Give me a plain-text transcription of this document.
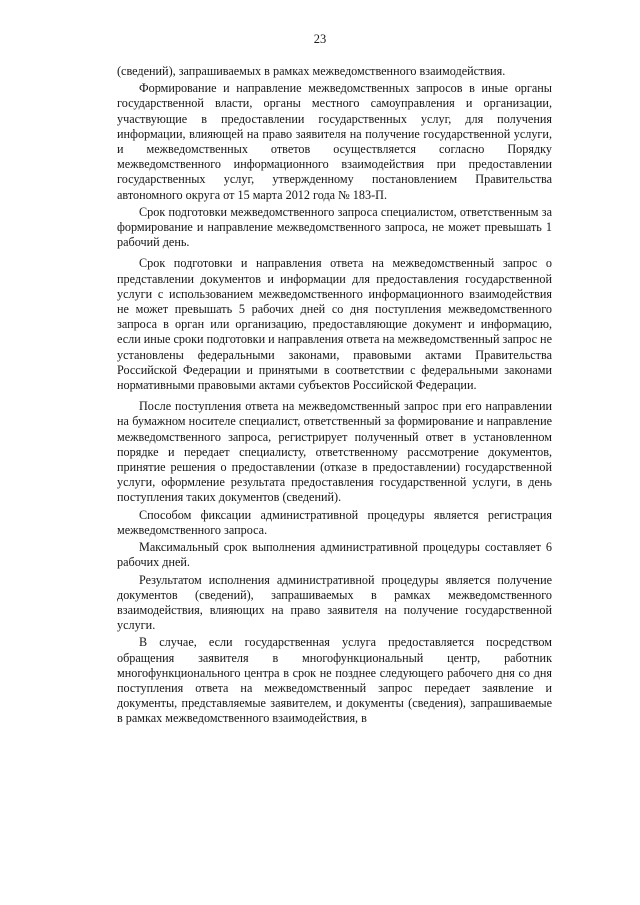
23

(сведений), запрашиваемых в рамках межведомственного взаимодействия.

Формирование и направление межведомственных запросов в иные органы государственной власти, органы местного самоуправления и организации, участвующие в предоставлении государственных услуг, для получения информации, влияющей на право заявителя на получение государственной услуги, и межведомственных ответов осуществляется согласно Порядку межведомственного информационного взаимодействия при предоставлении государственных услуг, утвержденному постановлением Правительства автономного округа от 15 марта 2012 года № 183-П.

Срок подготовки межведомственного запроса специалистом, ответственным за формирование и направление межведомственного запроса, не может превышать 1 рабочий день.

Срок подготовки и направления ответа на межведомственный запрос о представлении документов и информации для предоставления государственной услуги с использованием межведомственного информационного взаимодействия не может превышать 5 рабочих дней со дня поступления межведомственного запроса в орган или организацию, предоставляющие документ и информацию, если иные сроки подготовки и направления ответа на межведомственный запрос не установлены федеральными законами, правовыми актами Правительства Российской Федерации и принятыми в соответствии с федеральными законами нормативными правовыми актами субъектов Российской Федерации.

После поступления ответа на межведомственный запрос при его направлении на бумажном носителе специалист, ответственный за формирование и направление межведомственного запроса, регистрирует полученный ответ в установленном порядке и передает специалисту, ответственному рассмотрение документов, принятие решения о предоставлении (отказе в предоставлении) государственной услуги, оформление результата предоставления государственной услуги, в день поступления таких документов (сведений).

Способом фиксации административной процедуры является регистрация межведомственного запроса.

Максимальный срок выполнения административной процедуры составляет 6 рабочих дней.

Результатом исполнения административной процедуры является получение документов (сведений), запрашиваемых в рамках межведомственного взаимодействия, влияющих на право заявителя на получение государственной услуги.

В случае, если государственная услуга предоставляется посредством обращения заявителя в многофункциональный центр, работник многофункционального центра в срок не позднее следующего рабочего дня со дня поступления ответа на межведомственный запрос передает заявление и документы, представляемые заявителем, и документы (сведения), запрашиваемые в рамках межведомственного взаимодействия, в
